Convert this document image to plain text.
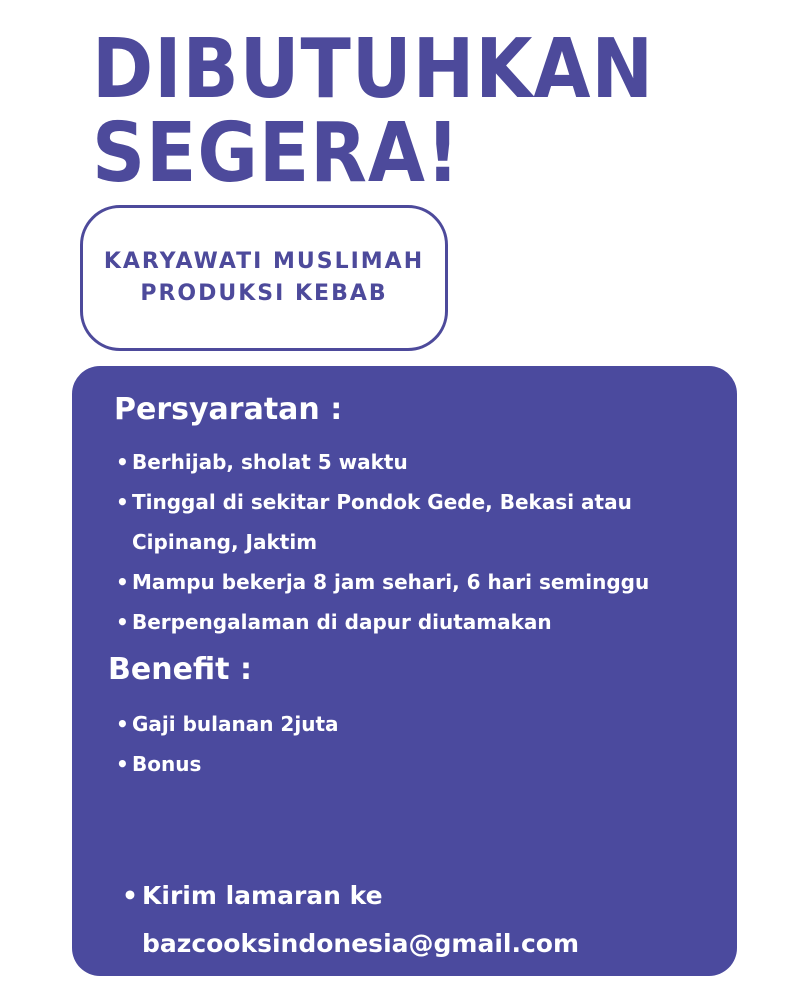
DIBUTUHKAN
SEGERA!
KARYAWATI MUSLIMAH
PRODUKSI KEBAB
Persyaratan :
• Berhijab, sholat 5 waktu
• Tinggal di sekitar Pondok Gede, Bekasi atau
Cipinang, Jaktim
• Mampu bekerja 8 jam sehari, 6 hari seminggu
• Berpengalaman di dapur diutamakan
Benefit :
• Gaji bulanan 2juta
• Bonus
• Kirim lamaran ke
bazcooksindonesia@gmail.com
